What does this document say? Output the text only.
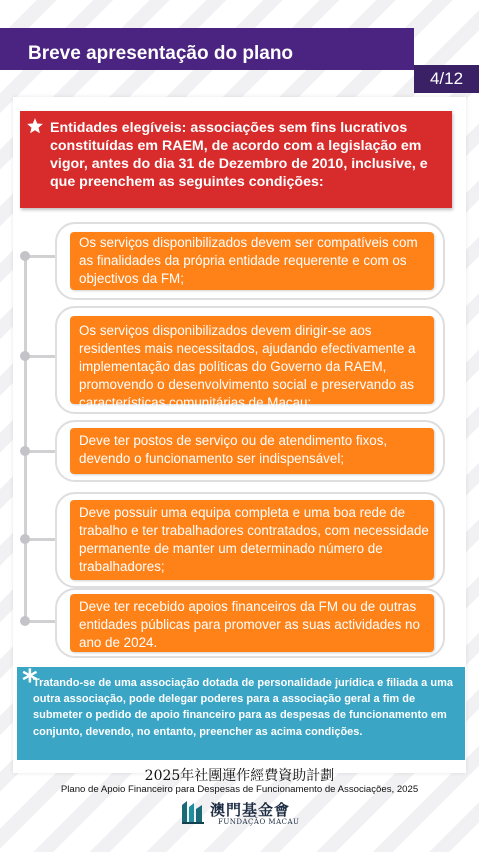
Breve apresentação do plano
4/12
Entidades elegíveis: associações sem fins lucrativos constituídas em RAEM, de acordo com a legislação em vigor, antes do dia 31 de Dezembro de 2010, inclusive, e que preenchem as seguintes condições:
Os serviços disponibilizados devem ser compatíveis com as finalidades da própria entidade requerente e com os objectivos da FM;
Os serviços disponibilizados devem dirigir-se aos residentes mais necessitados, ajudando efectivamente a implementação das políticas do Governo da RAEM, promovendo o desenvolvimento social e preservando as características comunitárias de Macau;
Deve ter postos de serviço ou de atendimento fixos, devendo o funcionamento ser indispensável;
Deve possuir uma equipa completa e uma boa rede de trabalho e ter trabalhadores contratados, com necessidade permanente de manter um determinado número de trabalhadores;
Deve ter recebido apoios financeiros da FM ou de outras entidades públicas para promover as suas actividades no ano de 2024.
*
Tratando-se de uma associação dotada de personalidade jurídica e filiada a uma outra associação, pode delegar poderes para a associação geral a fim de submeter o pedido de apoio financeiro para as despesas de funcionamento em conjunto, devendo, no entanto, preencher as acima condições.
2025年社團運作經費資助計劃
Plano de Apoio Financeiro para Despesas de Funcionamento de Associações, 2025
澳門基金會
FUNDAÇÃO MACAU
